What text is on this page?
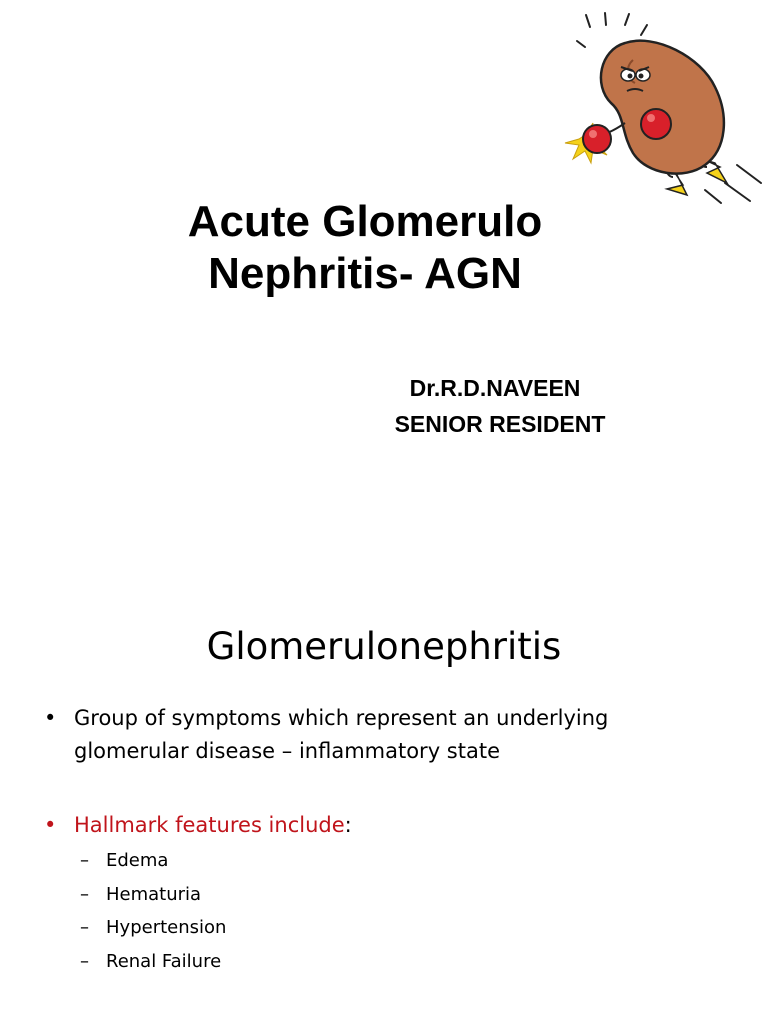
Acute Glomerulo
Nephritis- AGN
Dr.R.D.NAVEEN
SENIOR RESIDENT
Glomerulonephritis
• Group of symptoms which represent an underlying
glomerular disease – inflammatory state
• Hallmark features include:
– Edema
– Hematuria
– Hypertension
– Renal Failure
